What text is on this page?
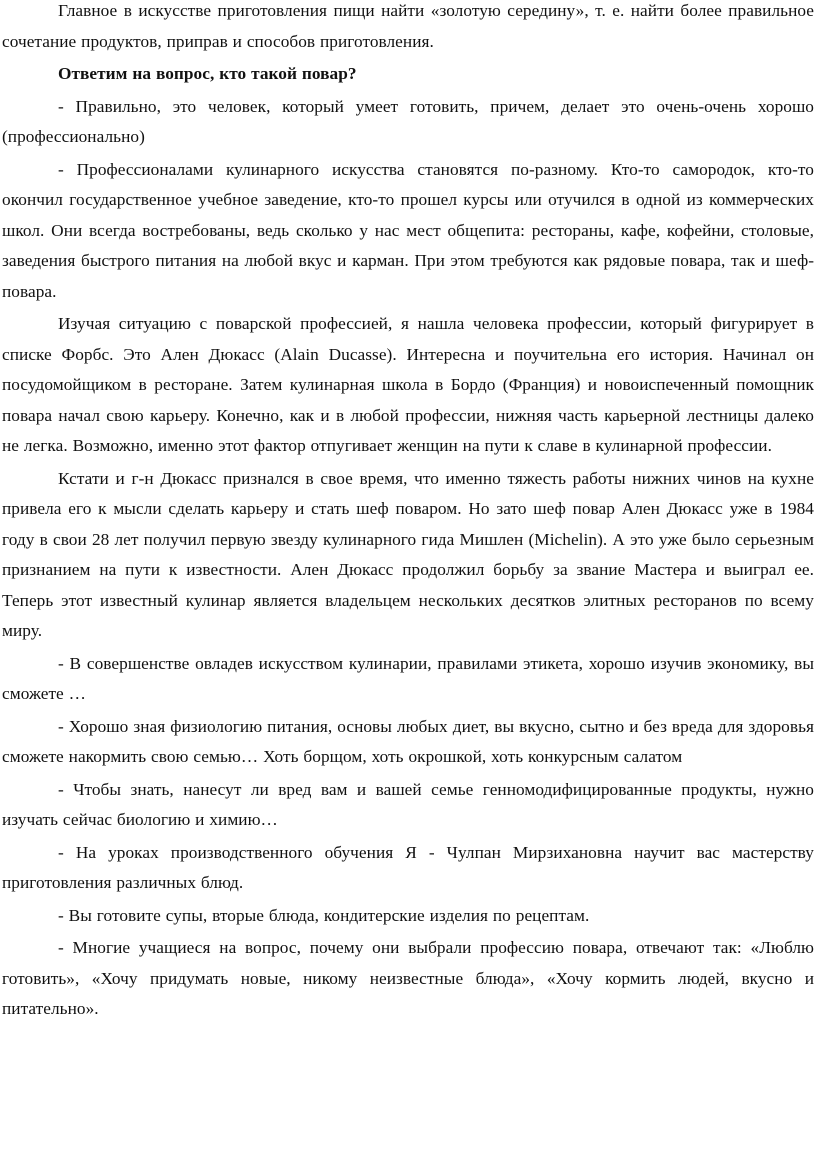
Главное в искусстве приготовления пищи найти «золотую середину», т. е. найти более правильное сочетание продуктов, приправ и способов приготовления.

Ответим на вопрос, кто такой повар?

- Правильно, это человек, который умеет готовить, причем, делает это очень-очень хорошо (профессионально)

- Профессионалами кулинарного искусства становятся по-разному. Кто-то самородок, кто-то окончил государственное учебное заведение, кто-то прошел курсы или отучился в одной из коммерческих школ. Они всегда востребованы, ведь сколько у нас мест общепита: рестораны, кафе, кофейни, столовые, заведения быстрого питания на любой вкус и карман. При этом требуются как рядовые повара, так и шеф-повара.

Изучая ситуацию с поварской профессией, я нашла человека профессии, который фигурирует в списке Форбс. Это Ален Дюкасс (Alain Ducasse). Интересна и поучительна его история. Начинал он посудомойщиком в ресторане. Затем кулинарная школа в Бордо (Франция) и новоиспеченный помощник повара начал свою карьеру. Конечно, как и в любой профессии, нижняя часть карьерной лестницы далеко не легка. Возможно, именно этот фактор отпугивает женщин на пути к славе в кулинарной профессии.

Кстати и г-н Дюкасс признался в свое время, что именно тяжесть работы нижних чинов на кухне привела его к мысли сделать карьеру и стать шеф поваром. Но зато шеф повар Ален Дюкасс уже в 1984 году в свои 28 лет получил первую звезду кулинарного гида Мишлен (Michelin). А это уже было серьезным признанием на пути к известности. Ален Дюкасс продолжил борьбу за звание Мастера и выиграл ее. Теперь этот известный кулинар является владельцем нескольких десятков элитных ресторанов по всему миру.

- В совершенстве овладев искусством кулинарии, правилами этикета, хорошо изучив экономику, вы сможете …

- Хорошо зная физиологию питания, основы любых диет, вы вкусно, сытно и без вреда для здоровья сможете накормить свою семью… Хоть борщом, хоть окрошкой, хоть конкурсным салатом

- Чтобы знать, нанесут ли вред вам и вашей семье генномодифицированные продукты, нужно изучать сейчас биологию и химию…

- На уроках производственного обучения Я - Чулпан Мирзихановна научит вас мастерству приготовления различных блюд.

- Вы готовите супы, вторые блюда, кондитерские изделия по рецептам.

- Многие учащиеся на вопрос, почему они выбрали профессию повара, отвечают так: «Люблю готовить», «Хочу придумать новые, никому неизвестные блюда», «Хочу кормить людей, вкусно и питательно».
